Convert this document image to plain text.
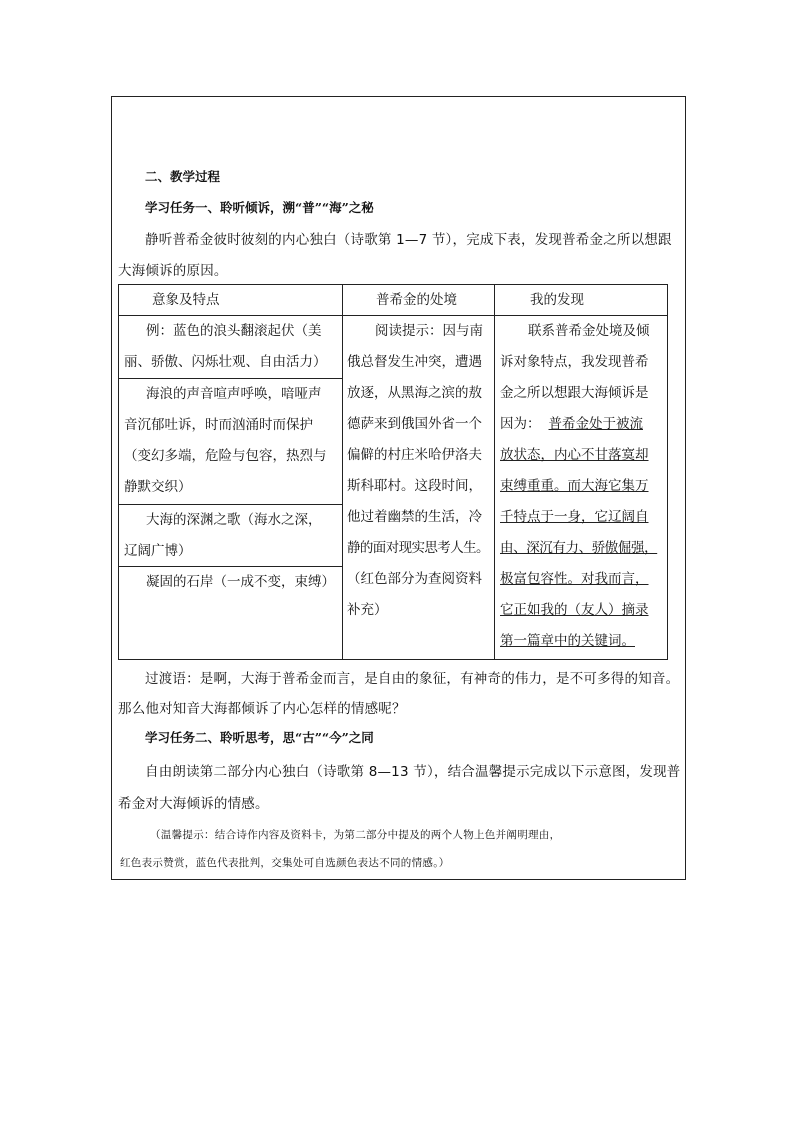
二、教学过程
学习任务一、聆听倾诉，溯“普”“海”之秘
静听普希金彼时彼刻的内心独白（诗歌第 1—7 节），完成下表，发现普希金之所以想跟
大海倾诉的原因。
意象及特点	普希金的处境	我的发现
例：蓝色的浪头翻滚起伏（美
丽、骄傲、闪烁壮观、自由活力）
海浪的声音喧声呼唤，喑哑声
音沉郁吐诉，时而汹涌时而保护
（变幻多端，危险与包容，热烈与
静默交织）
大海的深渊之歌（海水之深，
辽阔广博）
凝固的石岸（一成不变，束缚）
阅读提示：因与南
俄总督发生冲突，遭遇
放逐，从黑海之滨的敖
德萨来到俄国外省一个
偏僻的村庄米哈伊洛夫
斯科耶村。这段时间，
他过着幽禁的生活，冷
静的面对现实思考人生。
（红色部分为查阅资料
补充）
联系普希金处境及倾
诉对象特点，我发现普希
金之所以想跟大海倾诉是
因为： 普希金处于被流
放状态，内心不甘落寞却
束缚重重。而大海它集万
千特点于一身，它辽阔自
由、深沉有力、骄傲倔强，
极富包容性。对我而言，
它正如我的（友人）摘录
第一篇章中的关键词。
过渡语：是啊，大海于普希金而言，是自由的象征，有神奇的伟力，是不可多得的知音。
那么他对知音大海都倾诉了内心怎样的情感呢？
学习任务二、聆听思考，思“古”“今”之同
自由朗读第二部分内心独白（诗歌第 8—13 节），结合温馨提示完成以下示意图，发现普
希金对大海倾诉的情感。
（温馨提示：结合诗作内容及资料卡，为第二部分中提及的两个人物上色并阐明理由，
红色表示赞赏，蓝色代表批判，交集处可自选颜色表达不同的情感。）
